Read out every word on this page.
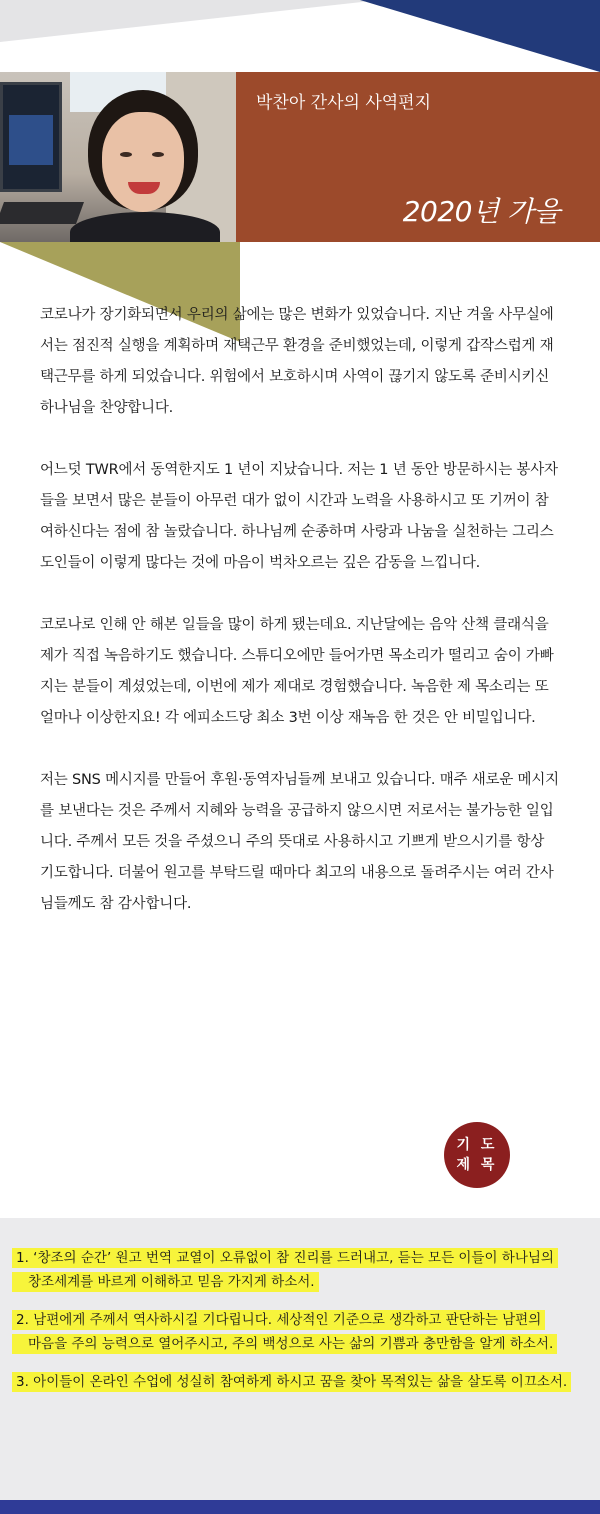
박찬아 간사의 사역편지
2020년 가을

코로나가 장기화되면서 우리의 삶에는 많은 변화가 있었습니다. 지난 겨울 사무실에서는 점진적 실행을 계획하며 재택근무 환경을 준비했었는데, 이렇게 갑작스럽게 재택근무를 하게 되었습니다. 위험에서 보호하시며 사역이 끊기지 않도록 준비시키신 하나님을 찬양합니다.

어느덧 TWR에서 동역한지도 1 년이 지났습니다. 저는 1 년 동안 방문하시는 봉사자들을 보면서 많은 분들이 아무런 대가 없이 시간과 노력을 사용하시고 또 기꺼이 참여하신다는 점에 참 놀랐습니다. 하나님께 순종하며 사랑과 나눔을 실천하는 그리스도인들이 이렇게 많다는 것에 마음이 벅차오르는 깊은 감동을 느낍니다.

코로나로 인해 안 해본 일들을 많이 하게 됐는데요. 지난달에는 음악 산책 클래식을 제가 직접 녹음하기도 했습니다. 스튜디오에만 들어가면 목소리가 떨리고 숨이 가빠지는 분들이 계셨었는데, 이번에 제가 제대로 경험했습니다. 녹음한 제 목소리는 또 얼마나 이상한지요! 각 에피소드당 최소 3번 이상 재녹음 한 것은 안 비밀입니다.

저는 SNS 메시지를 만들어 후원·동역자님들께 보내고 있습니다. 매주 새로운 메시지를 보낸다는 것은 주께서 지혜와 능력을 공급하지 않으시면 저로서는 불가능한 일입니다. 주께서 모든 것을 주셨으니 주의 뜻대로 사용하시고 기쁘게 받으시기를 항상 기도합니다. 더불어 원고를 부탁드릴 때마다 최고의 내용으로 돌려주시는 여러 간사님들께도 참 감사합니다.

기 도
제 목
1. ‘창조의 순간’ 원고 번역 교열이 오류없이 참 진리를 드러내고, 듣는 모든 이들이 하나님의
창조세계를 바르게 이해하고 믿음 가지게 하소서.
2. 남편에게 주께서 역사하시길 기다립니다. 세상적인 기준으로 생각하고 판단하는 남편의
마음을 주의 능력으로 열어주시고, 주의 백성으로 사는 삶의 기쁨과 충만함을 알게 하소서.
3. 아이들이 온라인 수업에 성실히 참여하게 하시고 꿈을 찾아 목적있는 삶을 살도록 이끄소서.
